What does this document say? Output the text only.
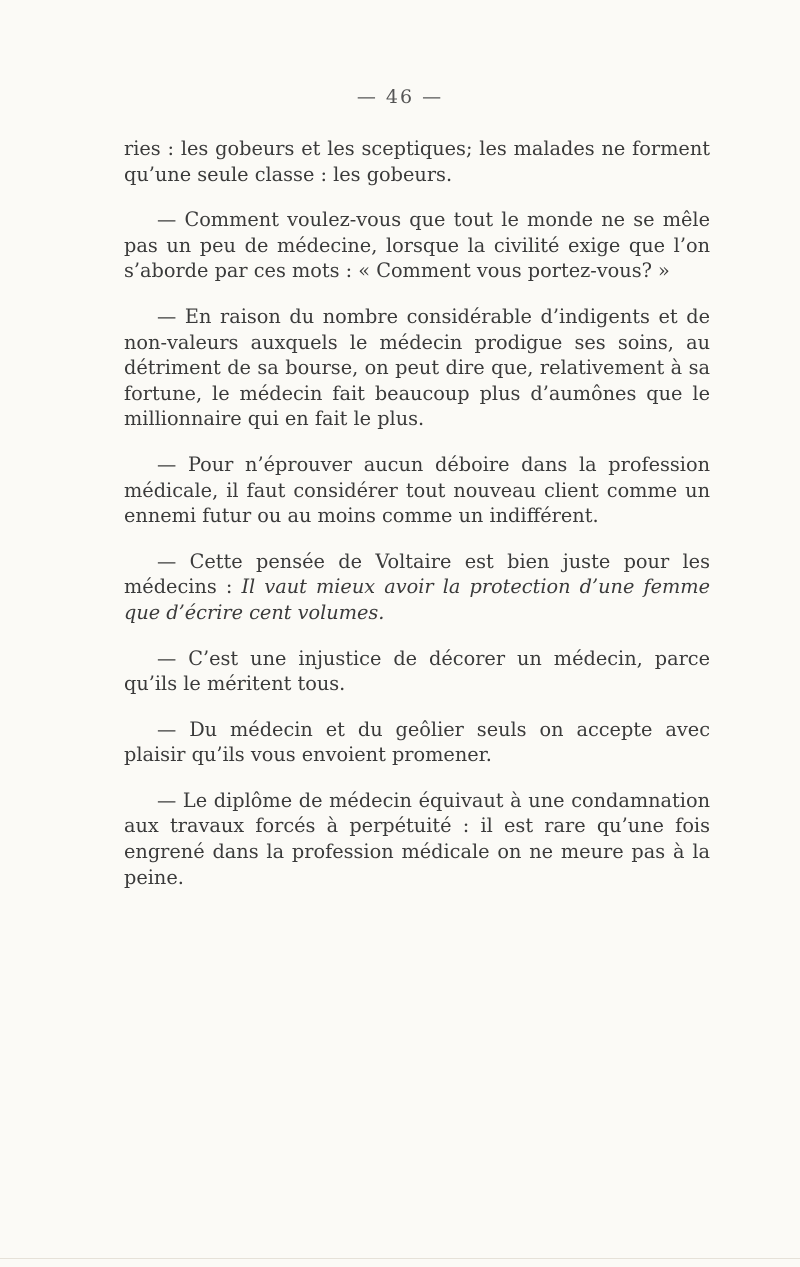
— 46 —

ries : les gobeurs et les sceptiques; les malades ne forment qu’une seule classe : les gobeurs.

— Comment voulez-vous que tout le monde ne se mêle pas un peu de médecine, lorsque la civilité exige que l’on s’aborde par ces mots : « Comment vous portez-vous? »

— En raison du nombre considérable d’indigents et de non-valeurs auxquels le médecin prodigue ses soins, au détriment de sa bourse, on peut dire que, relativement à sa fortune, le médecin fait beaucoup plus d’aumônes que le millionnaire qui en fait le plus.

— Pour n’éprouver aucun déboire dans la profession médicale, il faut considérer tout nouveau client comme un ennemi futur ou au moins comme un indifférent.

— Cette pensée de Voltaire est bien juste pour les médecins : Il vaut mieux avoir la protection d’une femme que d’écrire cent volumes.

— C’est une injustice de décorer un médecin, parce qu’ils le méritent tous.

— Du médecin et du geôlier seuls on accepte avec plaisir qu’ils vous envoient promener.

— Le diplôme de médecin équivaut à une condamnation aux travaux forcés à perpétuité : il est rare qu’une fois engrené dans la profession médicale on ne meure pas à la peine.
